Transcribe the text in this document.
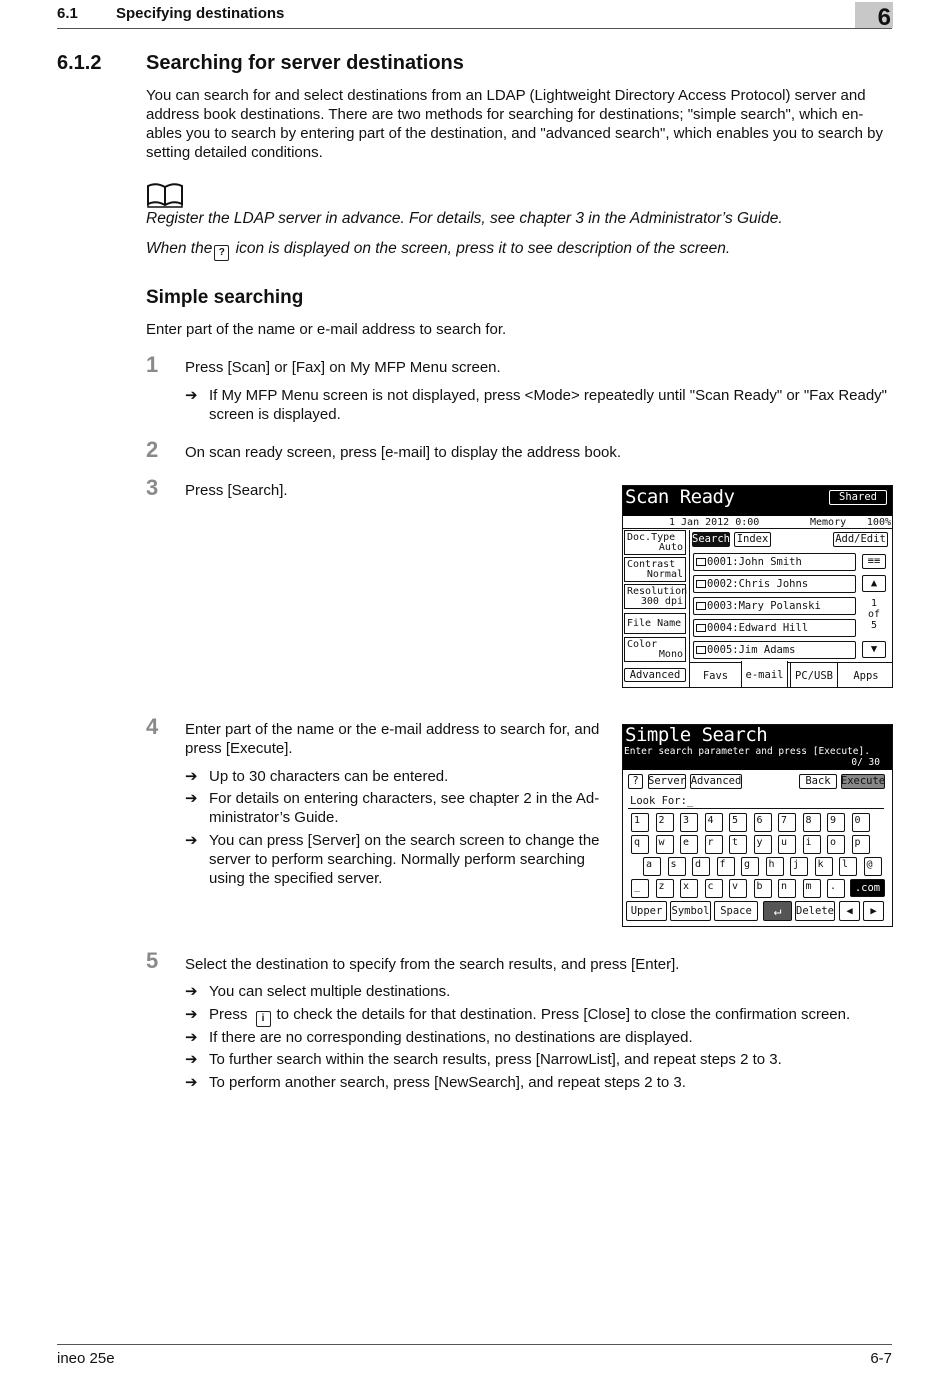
6.1	Specifying destinations	6
6.1.2 Searching for server destinations
You can search for and select destinations from an LDAP (Lightweight Directory Access Protocol) server and address book destinations. There are two methods for searching for destinations; "simple search", which en-ables you to search by entering part of the destination, and "advanced search", which enables you to search by setting detailed conditions.
Register the LDAP server in advance. For details, see chapter 3 in the Administrator’s Guide.
When the ? icon is displayed on the screen, press it to see description of the screen.
Simple searching
Enter part of the name or e-mail address to search for.
1 Press [Scan] or [Fax] on My MFP Menu screen.
➔ If My MFP Menu screen is not displayed, press <Mode> repeatedly until "Scan Ready" or "Fax Ready" screen is displayed.
2 On scan ready screen, press [e-mail] to display the address book.
3 Press [Search].	Scan Ready	Shared
1 Jan 2012 0:00	Memory 100%
Doc.Type
Auto
Contrast
Normal
Resolution
300 dpi
File Name
Color
Mono
Advanced
Search Index	Add/Edit
0001:John Smith
0002:Chris Johns
0003:Mary Polanski
0004:Edward Hill
0005:Jim Adams
≡≡
▲
1
of
5
▼
Favs	e-mail	PC/USB	Apps
4 Enter part of the name or the e-mail address to search for, and press [Execute].
➔ Up to 30 characters can be entered.
➔ For details on entering characters, see chapter 2 in the Ad-ministrator’s Guide.
➔ You can press [Server] on the search screen to change the server to perform searching. Normally perform searching using the specified server.
Simple Search
Enter search parameter and press [Execute].
0/ 30
? Server Advanced	Back Execute
Look For:_
1	2	3	4	5	6	7	8	9	0
q	w	e	r	t	y	u	i	o	p
a	s	d	f	g	h	j	k	l	@
_	z	x	c	v	b	n	m	.	.com
Upper Symbol	Space	↵	Delete	◀	▶
5 Select the destination to specify from the search results, and press [Enter].
➔ You can select multiple destinations.
➔ Press i to check the details for that destination. Press [Close] to close the confirmation screen.
➔ If there are no corresponding destinations, no destinations are displayed.
➔ To further search within the search results, press [NarrowList], and repeat steps 2 to 3.
➔ To perform another search, press [NewSearch], and repeat steps 2 to 3.
ineo 25e	6-7
